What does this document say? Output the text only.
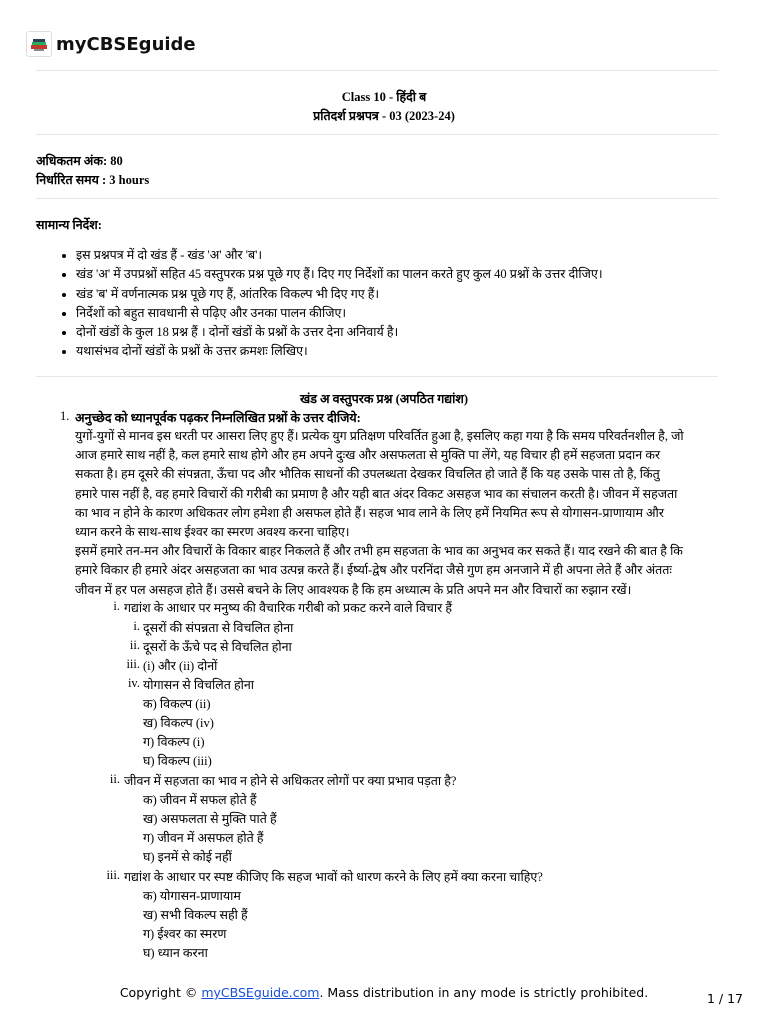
myCBSEguide
Class 10 - हिंदी ब
प्रतिदर्श प्रश्नपत्र - 03 (2023-24)
अधिकतम अंक: 80
निर्धारित समय : 3 hours
सामान्य निर्देश:
• इस प्रश्नपत्र में दो खंड हैं - खंड 'अ' और 'ब'।
• खंड 'अ' में उपप्रश्नों सहित 45 वस्तुपरक प्रश्न पूछे गए हैं। दिए गए निर्देशों का पालन करते हुए कुल 40 प्रश्नों के उत्तर दीजिए।
• खंड 'ब' में वर्णनात्मक प्रश्न पूछे गए हैं, आंतरिक विकल्प भी दिए गए हैं।
• निर्देशों को बहुत सावधानी से पढ़िए और उनका पालन कीजिए।
• दोनों खंडों के कुल 18 प्रश्न हैं । दोनों खंडों के प्रश्नों के उत्तर देना अनिवार्य है।
• यथासंभव दोनों खंडों के प्रश्नों के उत्तर क्रमशः लिखिए।
खंड अ वस्तुपरक प्रश्न (अपठित गद्यांश)
1. अनुच्छेद को ध्यानपूर्वक पढ़कर निम्नलिखित प्रश्नों के उत्तर दीजिये:
युगों-युगों से मानव इस धरती पर आसरा लिए हुए हैं। प्रत्येक युग प्रतिक्षण परिवर्तित हुआ है, इसलिए कहा गया है कि समय परिवर्तनशील है, जो
आज हमारे साथ नहीं है, कल हमारे साथ होगे और हम अपने दुःख और असफलता से मुक्ति पा लेंगे, यह विचार ही हमें सहजता प्रदान कर
सकता है। हम दूसरे की संपन्नता, ऊँचा पद और भौतिक साधनों की उपलब्धता देखकर विचलित हो जाते हैं कि यह उसके पास तो है, किंतु
हमारे पास नहीं है, वह हमारे विचारों की गरीबी का प्रमाण है और यही बात अंदर विकट असहज भाव का संचालन करती है। जीवन में सहजता
का भाव न होने के कारण अधिकतर लोग हमेशा ही असफल होते हैं। सहज भाव लाने के लिए हमें नियमित रूप से योगासन-प्राणायाम और
ध्यान करने के साथ-साथ ईश्वर का स्मरण अवश्य करना चाहिए।
इसमें हमारे तन-मन और विचारों के विकार बाहर निकलते हैं और तभी हम सहजता के भाव का अनुभव कर सकते हैं। याद रखने की बात है कि
हमारे विकार ही हमारे अंदर असहजता का भाव उत्पन्न करते हैं। ईर्ष्या-द्वेष और परनिंदा जैसे गुण हम अनजाने में ही अपना लेते हैं और अंततः
जीवन में हर पल असहज होते हैं। उससे बचने के लिए आवश्यक है कि हम अध्यात्म के प्रति अपने मन और विचारों का रुझान रखें।
i. गद्यांश के आधार पर मनुष्य की वैचारिक गरीबी को प्रकट करने वाले विचार हैं
i. दूसरों की संपन्नता से विचलित होना
ii. दूसरों के ऊँचे पद से विचलित होना
iii. (i) और (ii) दोनों
iv. योगासन से विचलित होना
क) विकल्प (ii)
ख) विकल्प (iv)
ग) विकल्प (i)
घ) विकल्प (iii)
ii. जीवन में सहजता का भाव न होने से अधिकतर लोगों पर क्या प्रभाव पड़ता है?
क) जीवन में सफल होते हैं
ख) असफलता से मुक्ति पाते हैं
ग) जीवन में असफल होते हैं
घ) इनमें से कोई नहीं
iii. गद्यांश के आधार पर स्पष्ट कीजिए कि सहज भावों को धारण करने के लिए हमें क्या करना चाहिए?
क) योगासन-प्राणायाम
ख) सभी विकल्प सही हैं
ग) ईश्वर का स्मरण
घ) ध्यान करना
Copyright © myCBSEguide.com. Mass distribution in any mode is strictly prohibited.	1 / 17
